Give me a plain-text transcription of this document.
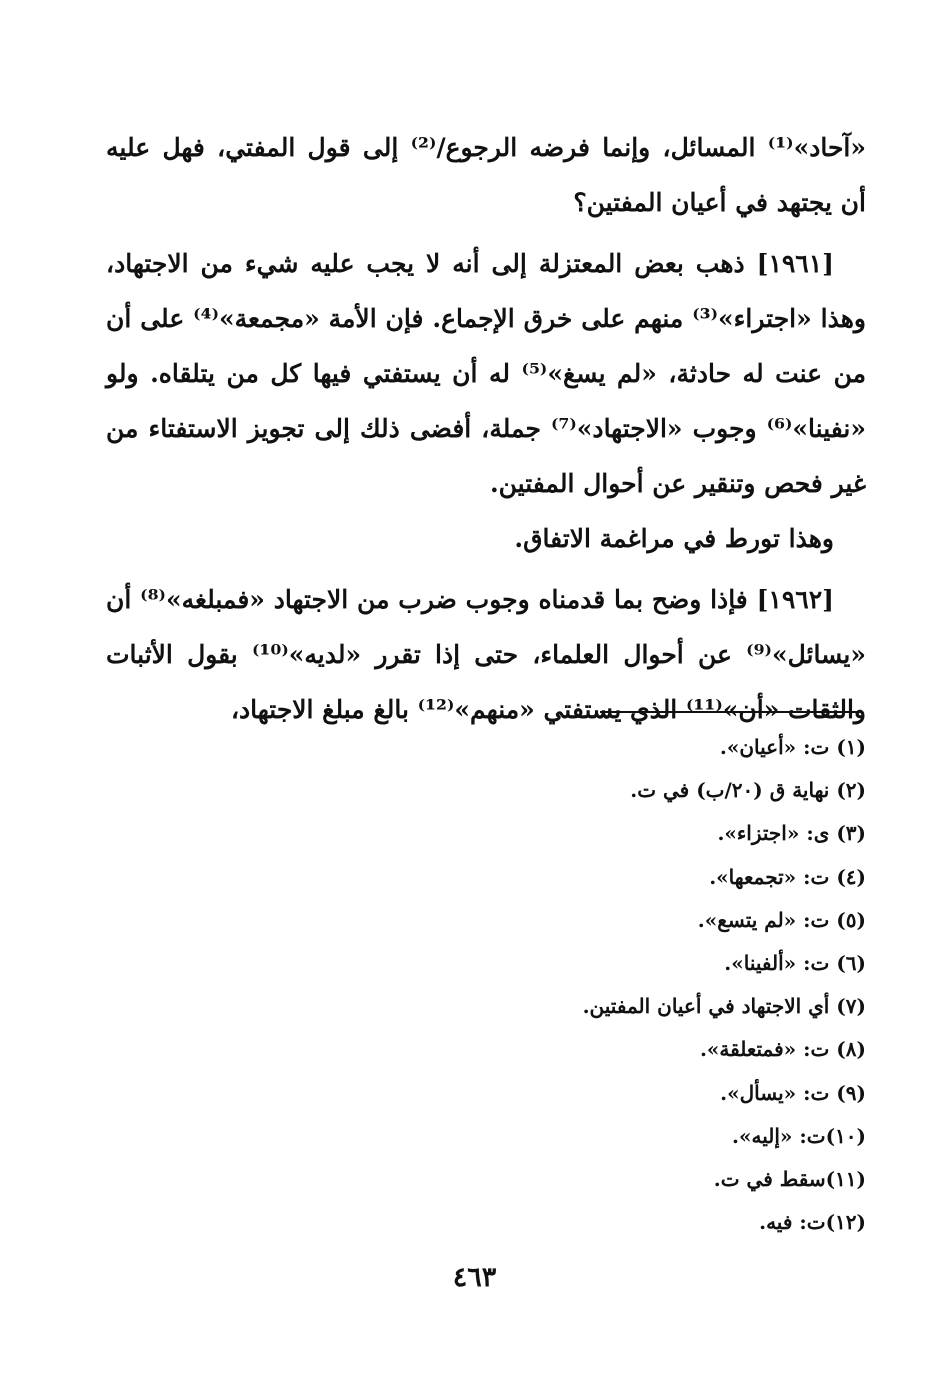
«آحاد»⁽¹⁾ المسائل، وإنما فرضه الرجوع/⁽²⁾ إلى قول المفتي، فهل عليه أن يجتهد في أعيان المفتين؟

[١٩٦١] ذهب بعض المعتزلة إلى أنه لا يجب عليه شيء من الاجتهاد، وهذا «اجتراء»⁽³⁾ منهم على خرق الإجماع. فإن الأمة «مجمعة»⁽⁴⁾ على أن من عنت له حادثة، «لم يسغ»⁽⁵⁾ له أن يستفتي فيها كل من يتلقاه. ولو «نفينا»⁽⁶⁾ وجوب «الاجتهاد»⁽⁷⁾ جملة، أفضى ذلك إلى تجويز الاستفتاء من غير فحص وتنقير عن أحوال المفتين.

وهذا تورط في مراغمة الاتفاق.

[١٩٦٢] فإذا وضح بما قدمناه وجوب ضرب من الاجتهاد «فمبلغه»⁽⁸⁾ أن «يسائل»⁽⁹⁾ عن أحوال العلماء، حتى إذا تقرر «لديه»⁽¹⁰⁾ بقول الأثبات والثقات «أن»⁽¹¹⁾ الذي يستفتي «منهم»⁽¹²⁾ بالغ مبلغ الاجتهاد،

(١) ت: «أعيان».
(٢) نهاية ق (٢٠/ب) في ت.
(٣) ى: «اجتزاء».
(٤) ت: «تجمعها».
(٥) ت: «لم يتسع».
(٦) ت: «ألفينا».
(٧) أي الاجتهاد في أعيان المفتين.
(٨) ت: «فمتعلقة».
(٩) ت: «يسأل».
(١٠)ت: «إليه».
(١١)سقط في ت.
(١٢)ت: فيه.
٤٦٣
